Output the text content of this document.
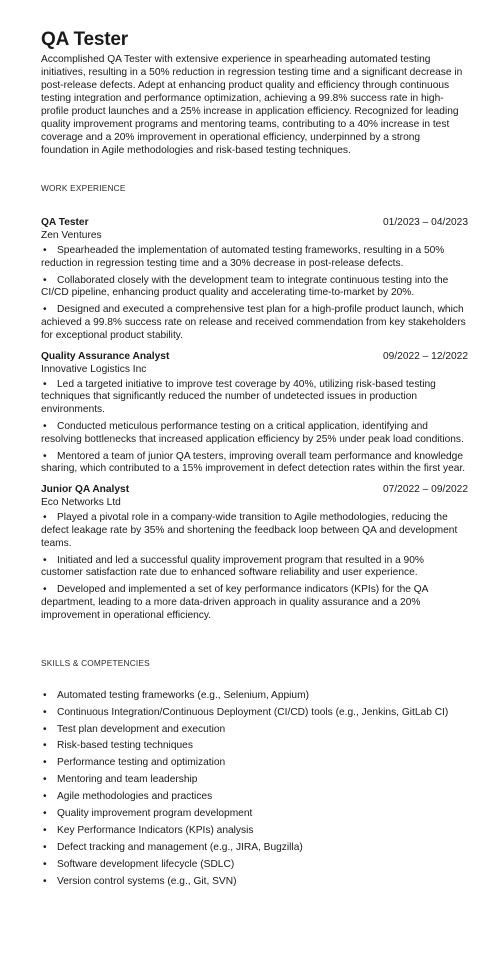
QA Tester

Accomplished QA Tester with extensive experience in spearheading automated testing initiatives, resulting in a 50% reduction in regression testing time and a significant decrease in post-release defects. Adept at enhancing product quality and efficiency through continuous testing integration and performance optimization, achieving a 99.8% success rate in high-profile product launches and a 25% increase in application efficiency. Recognized for leading quality improvement programs and mentoring teams, contributing to a 40% increase in test coverage and a 20% improvement in operational efficiency, underpinned by a strong foundation in Agile methodologies and risk-based testing techniques.

WORK EXPERIENCE
QA Tester	01/2023 – 04/2023
Zen Ventures
• Spearheaded the implementation of automated testing frameworks, resulting in a 50% reduction in regression testing time and a 30% decrease in post-release defects.
• Collaborated closely with the development team to integrate continuous testing into the CI/CD pipeline, enhancing product quality and accelerating time-to-market by 20%.
• Designed and executed a comprehensive test plan for a high-profile product launch, which achieved a 99.8% success rate on release and received commendation from key stakeholders for exceptional product stability.
Quality Assurance Analyst	09/2022 – 12/2022
Innovative Logistics Inc
• Led a targeted initiative to improve test coverage by 40%, utilizing risk-based testing techniques that significantly reduced the number of undetected issues in production environments.
• Conducted meticulous performance testing on a critical application, identifying and resolving bottlenecks that increased application efficiency by 25% under peak load conditions.
• Mentored a team of junior QA testers, improving overall team performance and knowledge sharing, which contributed to a 15% improvement in defect detection rates within the first year.
Junior QA Analyst	07/2022 – 09/2022
Eco Networks Ltd
• Played a pivotal role in a company-wide transition to Agile methodologies, reducing the defect leakage rate by 35% and shortening the feedback loop between QA and development teams.
• Initiated and led a successful quality improvement program that resulted in a 90% customer satisfaction rate due to enhanced software reliability and user experience.
• Developed and implemented a set of key performance indicators (KPIs) for the QA department, leading to a more data-driven approach in quality assurance and a 20% improvement in operational efficiency.
SKILLS & COMPETENCIES
• Automated testing frameworks (e.g., Selenium, Appium)
• Continuous Integration/Continuous Deployment (CI/CD) tools (e.g., Jenkins, GitLab CI)
• Test plan development and execution
• Risk-based testing techniques
• Performance testing and optimization
• Mentoring and team leadership
• Agile methodologies and practices
• Quality improvement program development
• Key Performance Indicators (KPIs) analysis
• Defect tracking and management (e.g., JIRA, Bugzilla)
• Software development lifecycle (SDLC)
• Version control systems (e.g., Git, SVN)
